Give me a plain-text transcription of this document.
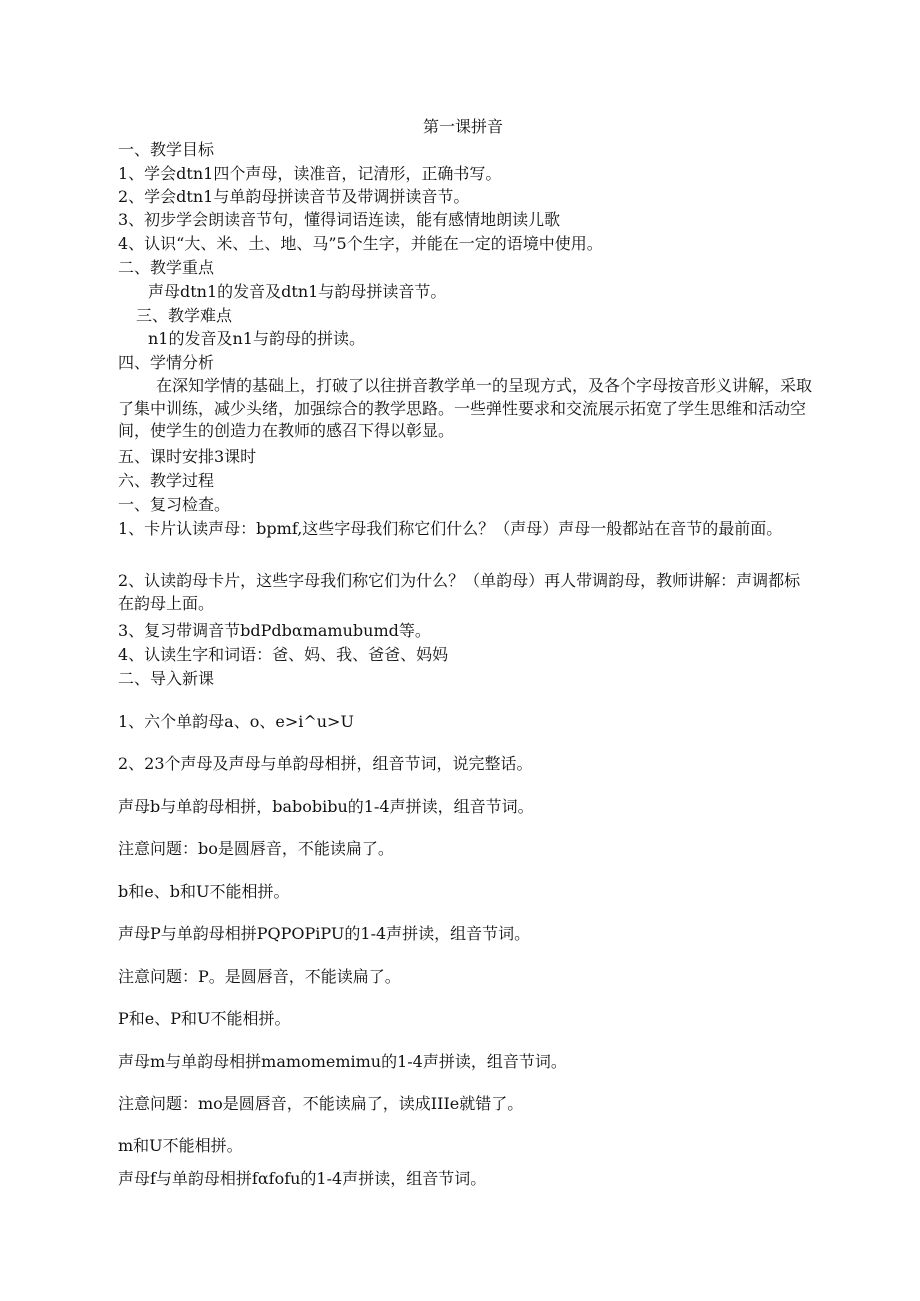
第一课拼音
一、教学目标
1、学会dtn1四个声母，读准音，记清形，正确书写。
2、学会dtn1与单韵母拼读音节及带调拼读音节。
3、初步学会朗读音节句，懂得词语连读，能有感情地朗读儿歌
4、认识“大、米、土、地、马”5个生字，并能在一定的语境中使用。
二、教学重点
声母dtn1的发音及dtn1与韵母拼读音节。
三、教学难点
n1的发音及n1与韵母的拼读。
四、学情分析
在深知学情的基础上，打破了以往拼音教学单一的呈现方式，及各个字母按音形义讲解，采取了集中训练，减少头绪，加强综合的教学思路。一些弹性要求和交流展示拓宽了学生思维和活动空间，使学生的创造力在教师的感召下得以彰显。
五、课时安排3课时
六、教学过程
一、复习检查。
1、卡片认读声母：bpmf,这些字母我们称它们什么？（声母）声母一般都站在音节的最前面。
2、认读韵母卡片，这些字母我们称它们为什么？（单韵母）再人带调韵母，教师讲解：声调都标在韵母上面。
3、复习带调音节bdPdbαmamubumd等。
4、认读生字和词语：爸、妈、我、爸爸、妈妈
二、导入新课
1、六个单韵母a、o、e>i^u>U
2、23个声母及声母与单韵母相拼，组音节词，说完整话。
声母b与单韵母相拼，babobibu的1-4声拼读，组音节词。
注意问题：bo是圆唇音，不能读扁了。
b和e、b和U不能相拼。
声母P与单韵母相拼PQPOPiPU的1-4声拼读，组音节词。
注意问题：P。是圆唇音，不能读扁了。
P和e、P和U不能相拼。
声母m与单韵母相拼mamomemimu的1-4声拼读，组音节词。
注意问题：mo是圆唇音，不能读扁了，读成IIIe就错了。
m和U不能相拼。
声母f与单韵母相拼fαfofu的1-4声拼读，组音节词。
